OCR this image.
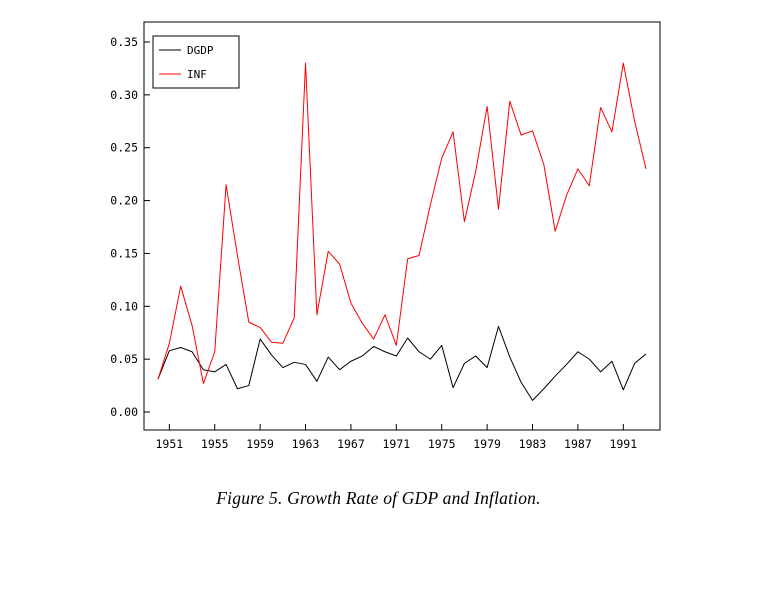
0.00
0.05
0.10
0.15
0.20
0.25
0.30
0.35
1951 1955 1959 1963 1967 1971 1975 1979 1983 1987 1991
DGDP
INF
Figure 5. Growth Rate of GDP and Inflation.
